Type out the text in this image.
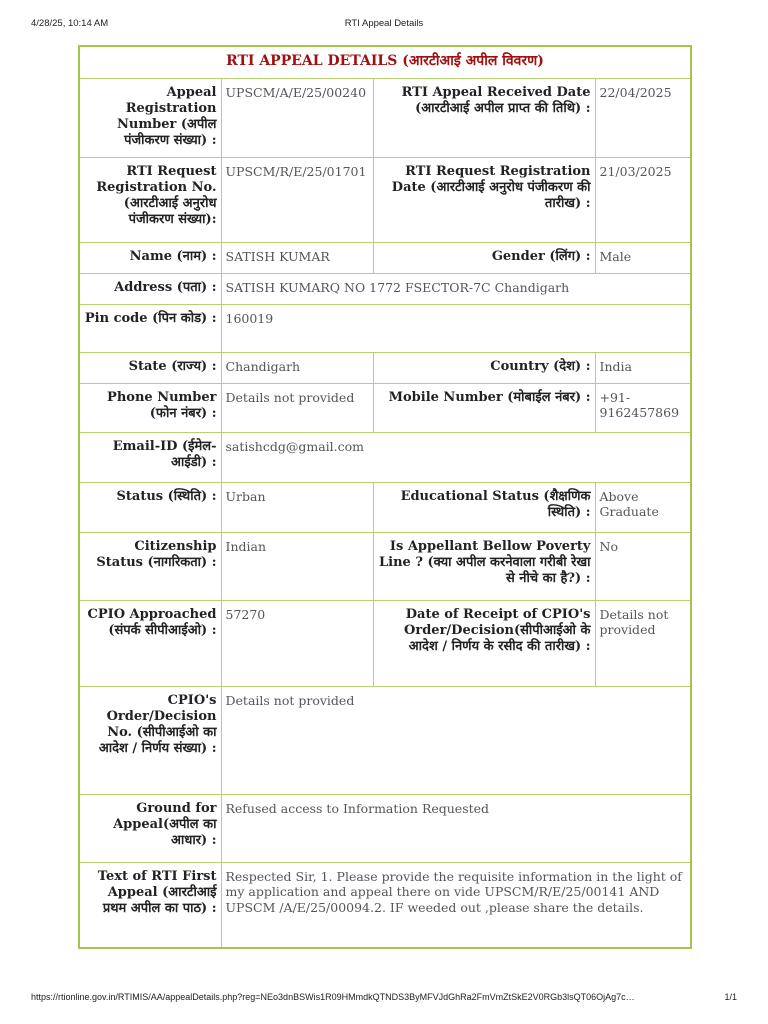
4/28/25, 10:14 AM	RTI Appeal Details
RTI APPEAL DETAILS (आरटीआई अपील विवरण)			
Appeal Registration Number (अपील पंजीकरण संख्या) :	UPSCM/A/E/25/00240	RTI Appeal Received Date (आरटीआई अपील प्राप्त की तिथि) :	22/04/2025
RTI Request Registration No. (आरटीआई अनुरोध पंजीकरण संख्या):	UPSCM/R/E/25/01701	RTI Request Registration Date (आरटीआई अनुरोध पंजीकरण की तारीख) :	21/03/2025
Name (नाम) :	SATISH KUMAR	Gender (लिंग) :	Male
Address (पता) :	SATISH KUMARQ NO 1772 FSECTOR-7C Chandigarh		
Pin code (पिन कोड) :	160019		
State (राज्य) :	Chandigarh	Country (देश) :	India
Phone Number (फोन नंबर) :	Details not provided	Mobile Number (मोबाईल नंबर) :	+91-9162457869
Email-ID (ईमेल-आईडी) :	satishcdg@gmail.com		
Status (स्थिति) :	Urban	Educational Status (शैक्षणिक स्थिति) :	Above Graduate
Citizenship Status (नागरिकता) :	Indian	Is Appellant Bellow Poverty Line ? (क्या अपील करनेवाला गरीबी रेखा से नीचे का है?) :	No
CPIO Approached (संपर्क सीपीआईओ) :	57270	Date of Receipt of CPIO's Order/Decision(सीपीआईओ के आदेश / निर्णय के रसीद की तारीख) :	Details not provided
CPIO's Order/Decision No. (सीपीआईओ का आदेश / निर्णय संख्या) :	Details not provided		
Ground for Appeal(अपील का आधार) :	Refused access to Information Requested		
Text of RTI First Appeal (आरटीआई प्रथम अपील का पाठ) :	Respected Sir, 1. Please provide the requisite information in the light of my application and appeal there on vide UPSCM/R/E/25/00141 AND UPSCM /A/E/25/00094.2. IF weeded out ,please share the details.		
https://rtionline.gov.in/RTIMIS/AA/appealDetails.php?reg=NEo3dnBSWis1R09HMmdkQTNDS3ByMFVJdGhRa2FmVmZtSkE2V0RGb3lsQT06OjAg7c…	1/1
